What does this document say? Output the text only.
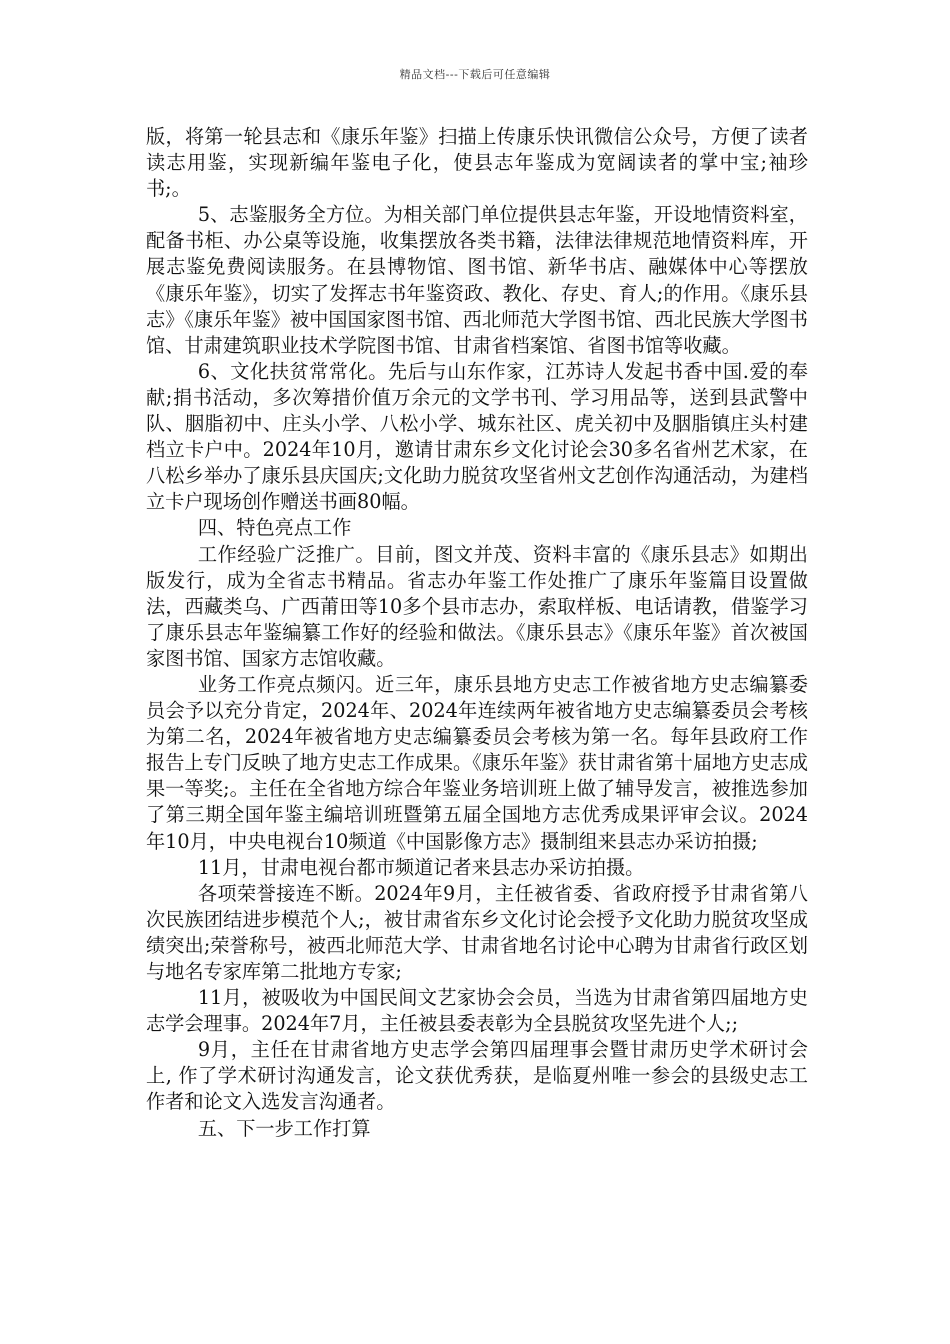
精品文档---下载后可任意编辑

版，将第一轮县志和《康乐年鉴》扫描上传康乐快讯微信公众号，方便了读者读志用鉴，实现新编年鉴电子化，使县志年鉴成为宽阔读者的掌中宝;袖珍书;。

5、志鉴服务全方位。为相关部门单位提供县志年鉴，开设地情资料室，配备书柜、办公桌等设施，收集摆放各类书籍，法律法律规范地情资料库，开展志鉴免费阅读服务。在县博物馆、图书馆、新华书店、融媒体中心等摆放《康乐年鉴》，切实了发挥志书年鉴资政、教化、存史、育人;的作用。《康乐县志》《康乐年鉴》被中国国家图书馆、西北师范大学图书馆、西北民族大学图书馆、甘肃建筑职业技术学院图书馆、甘肃省档案馆、省图书馆等收藏。

6、文化扶贫常常化。先后与山东作家，江苏诗人发起书香中国.爱的奉献;捐书活动，多次筹措价值万余元的文学书刊、学习用品等，送到县武警中队、胭脂初中、庄头小学、八松小学、城东社区、虎关初中及胭脂镇庄头村建档立卡户中。2024年10月，邀请甘肃东乡文化讨论会30多名省州艺术家，在八松乡举办了康乐县庆国庆;文化助力脱贫攻坚省州文艺创作沟通活动，为建档立卡户现场创作赠送书画80幅。

四、特色亮点工作

工作经验广泛推广。目前，图文并茂、资料丰富的《康乐县志》如期出版发行，成为全省志书精品。省志办年鉴工作处推广了康乐年鉴篇目设置做法，西藏类乌、广西莆田等10多个县市志办，索取样板、电话请教，借鉴学习了康乐县志年鉴编纂工作好的经验和做法。《康乐县志》《康乐年鉴》首次被国家图书馆、国家方志馆收藏。

业务工作亮点频闪。近三年，康乐县地方史志工作被省地方史志编纂委员会予以充分肯定，2024年、2024年连续两年被省地方史志编纂委员会考核为第二名，2024年被省地方史志编纂委员会考核为第一名。每年县政府工作报告上专门反映了地方史志工作成果。《康乐年鉴》获甘肃省第十届地方史志成果一等奖;。主任在全省地方综合年鉴业务培训班上做了辅导发言，被推选参加了第三期全国年鉴主编培训班暨第五届全国地方志优秀成果评审会议。2024年10月，中央电视台10频道《中国影像方志》摄制组来县志办采访拍摄;

11月，甘肃电视台都市频道记者来县志办采访拍摄。

各项荣誉接连不断。2024年9月，主任被省委、省政府授予甘肃省第八次民族团结进步模范个人;，被甘肃省东乡文化讨论会授予文化助力脱贫攻坚成绩突出;荣誉称号，被西北师范大学、甘肃省地名讨论中心聘为甘肃省行政区划与地名专家库第二批地方专家;

11月，被吸收为中国民间文艺家协会会员，当选为甘肃省第四届地方史志学会理事。2024年7月，主任被县委表彰为全县脱贫攻坚先进个人;;

9月，主任在甘肃省地方史志学会第四届理事会暨甘肃历史学术研讨会上, 作了学术研讨沟通发言，论文获优秀获，是临夏州唯一参会的县级史志工作者和论文入选发言沟通者。

五、下一步工作打算
